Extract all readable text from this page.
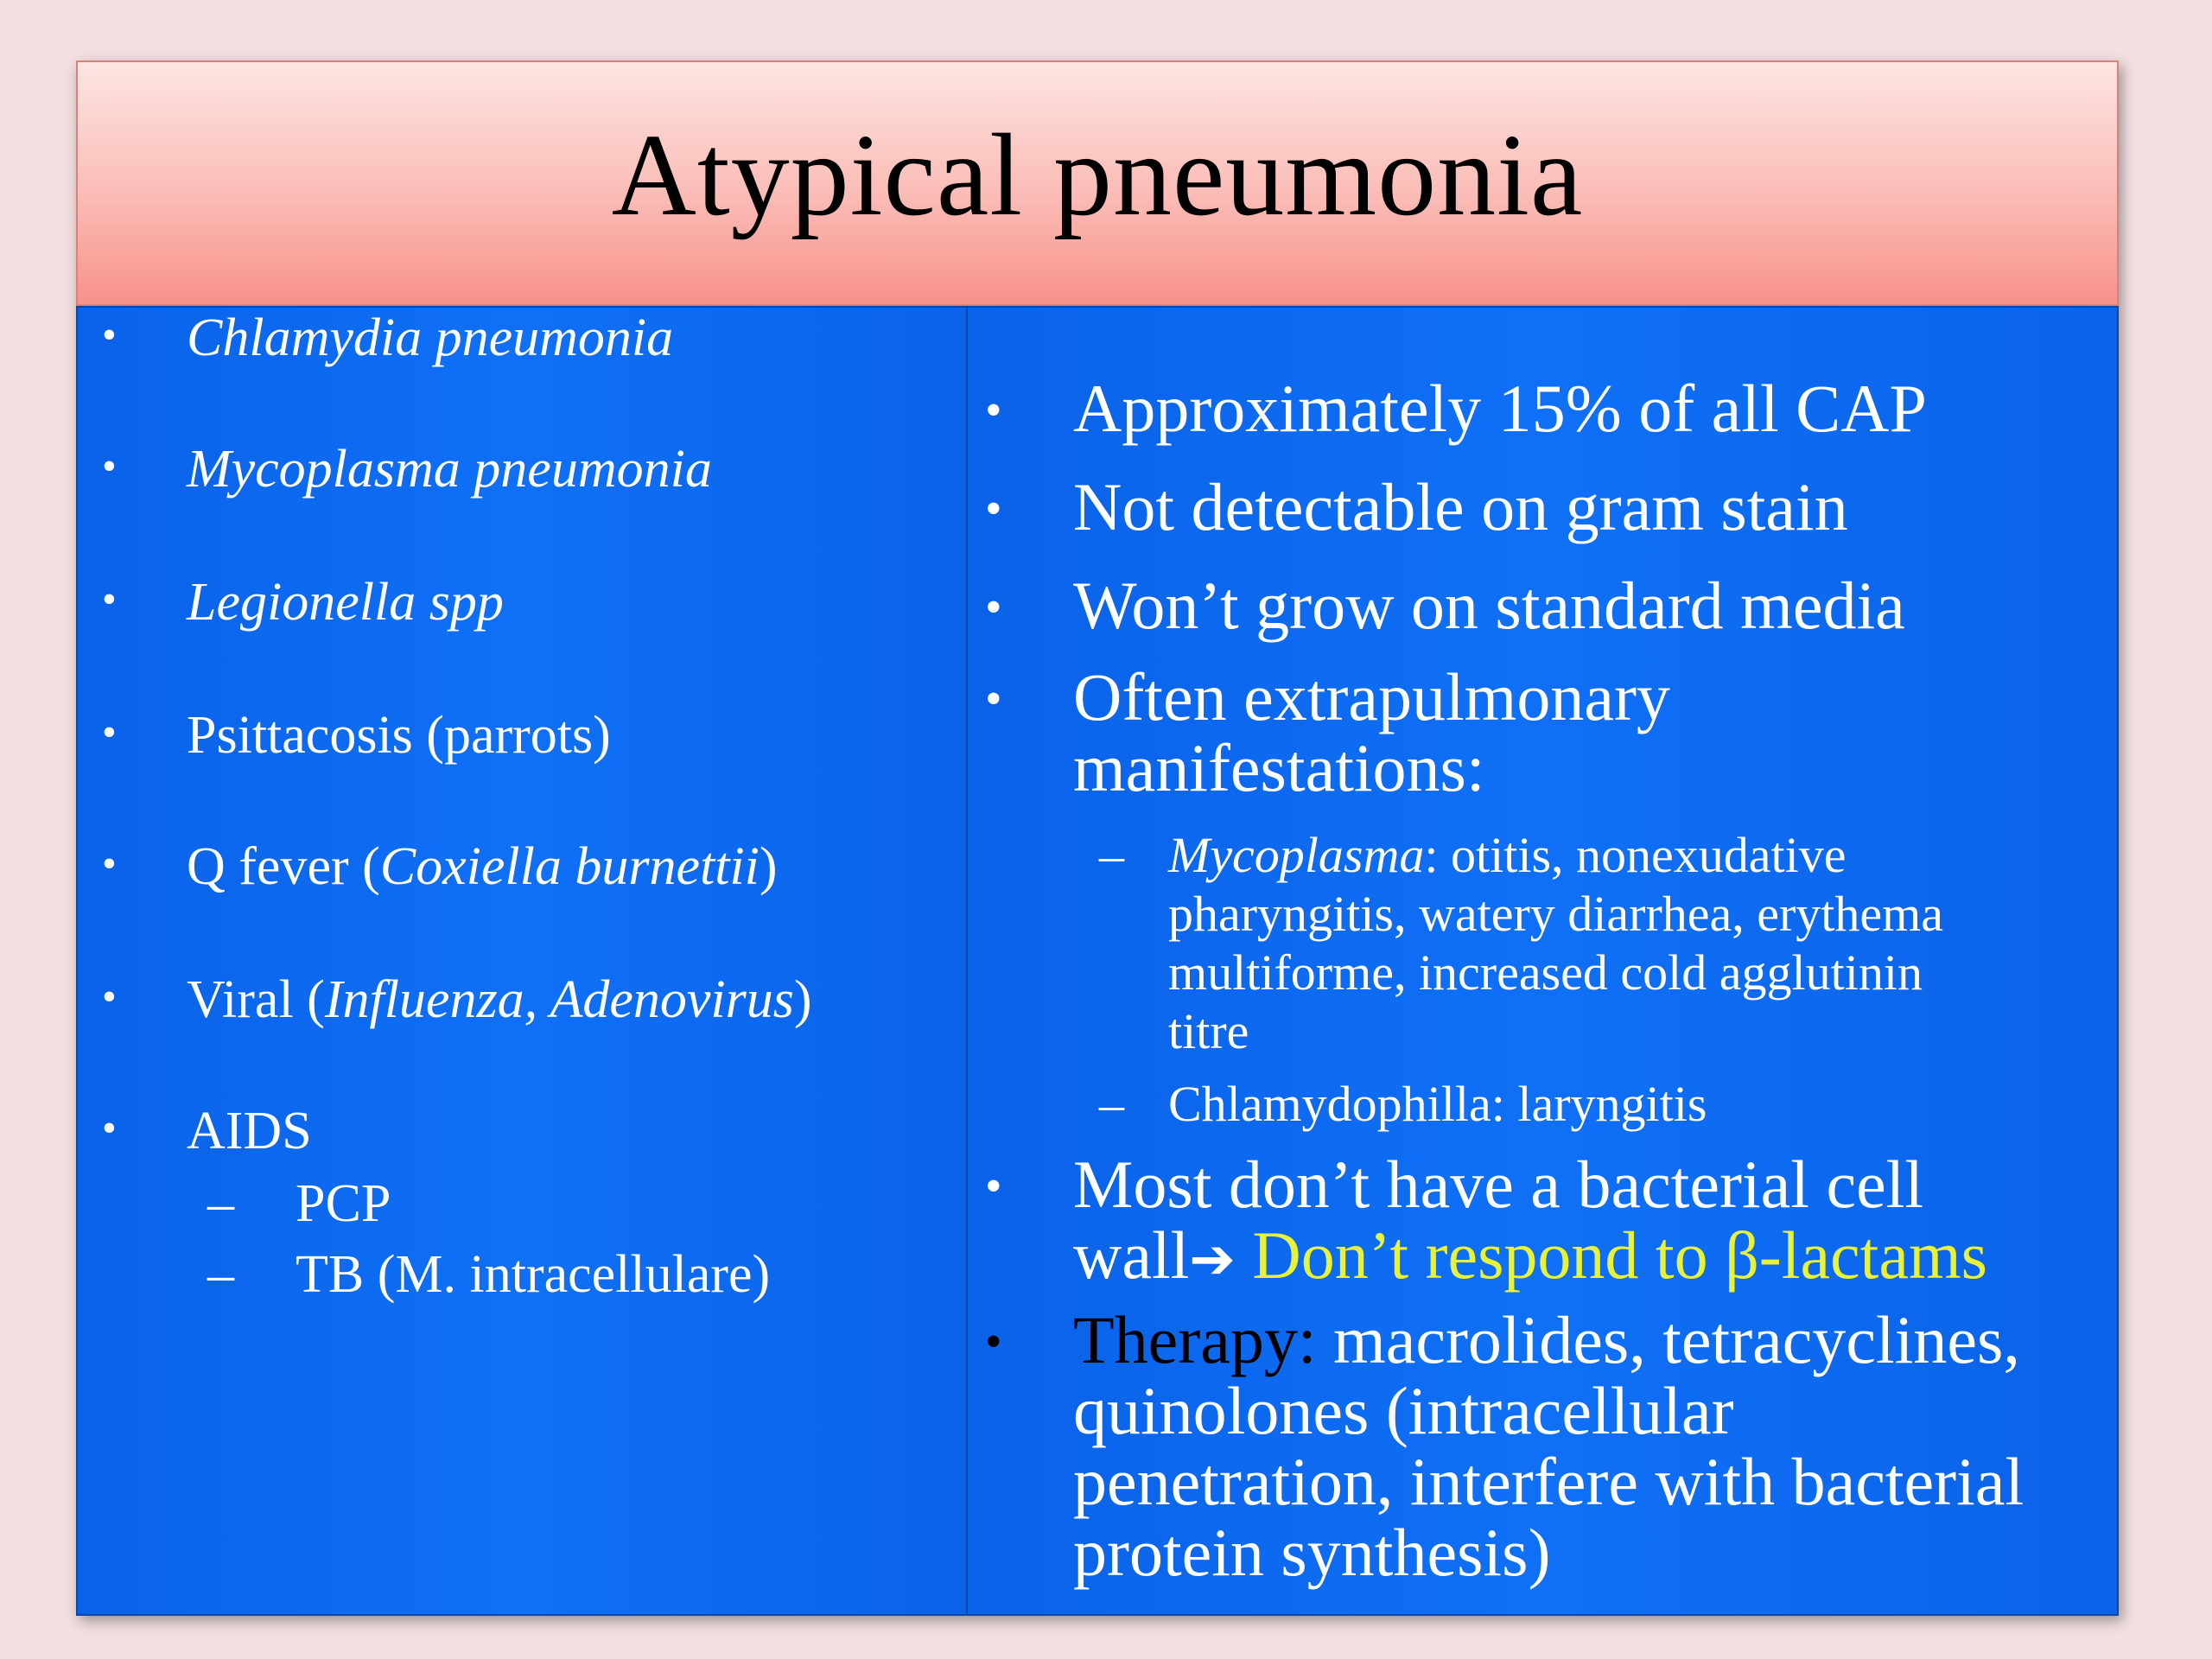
Atypical pneumonia
• Chlamydia pneumonia
• Mycoplasma pneumonia
• Legionella spp
• Psittacosis (parrots)
• Q fever (Coxiella burnettii)
• Viral (Influenza, Adenovirus)
• AIDS
– PCP
– TB (M. intracellulare)
• Approximately 15% of all CAP
• Not detectable on gram stain
• Won’t grow on standard media
• Often extrapulmonary
manifestations:
– Mycoplasma: otitis, nonexudative
pharyngitis, watery diarrhea, erythema
multiforme, increased cold agglutinin
titre
– Chlamydophilla: laryngitis
• Most don’t have a bacterial cell
wall➔ Don’t respond to β-lactams
• Therapy: macrolides, tetracyclines,
quinolones (intracellular
penetration, interfere with bacterial
protein synthesis)
